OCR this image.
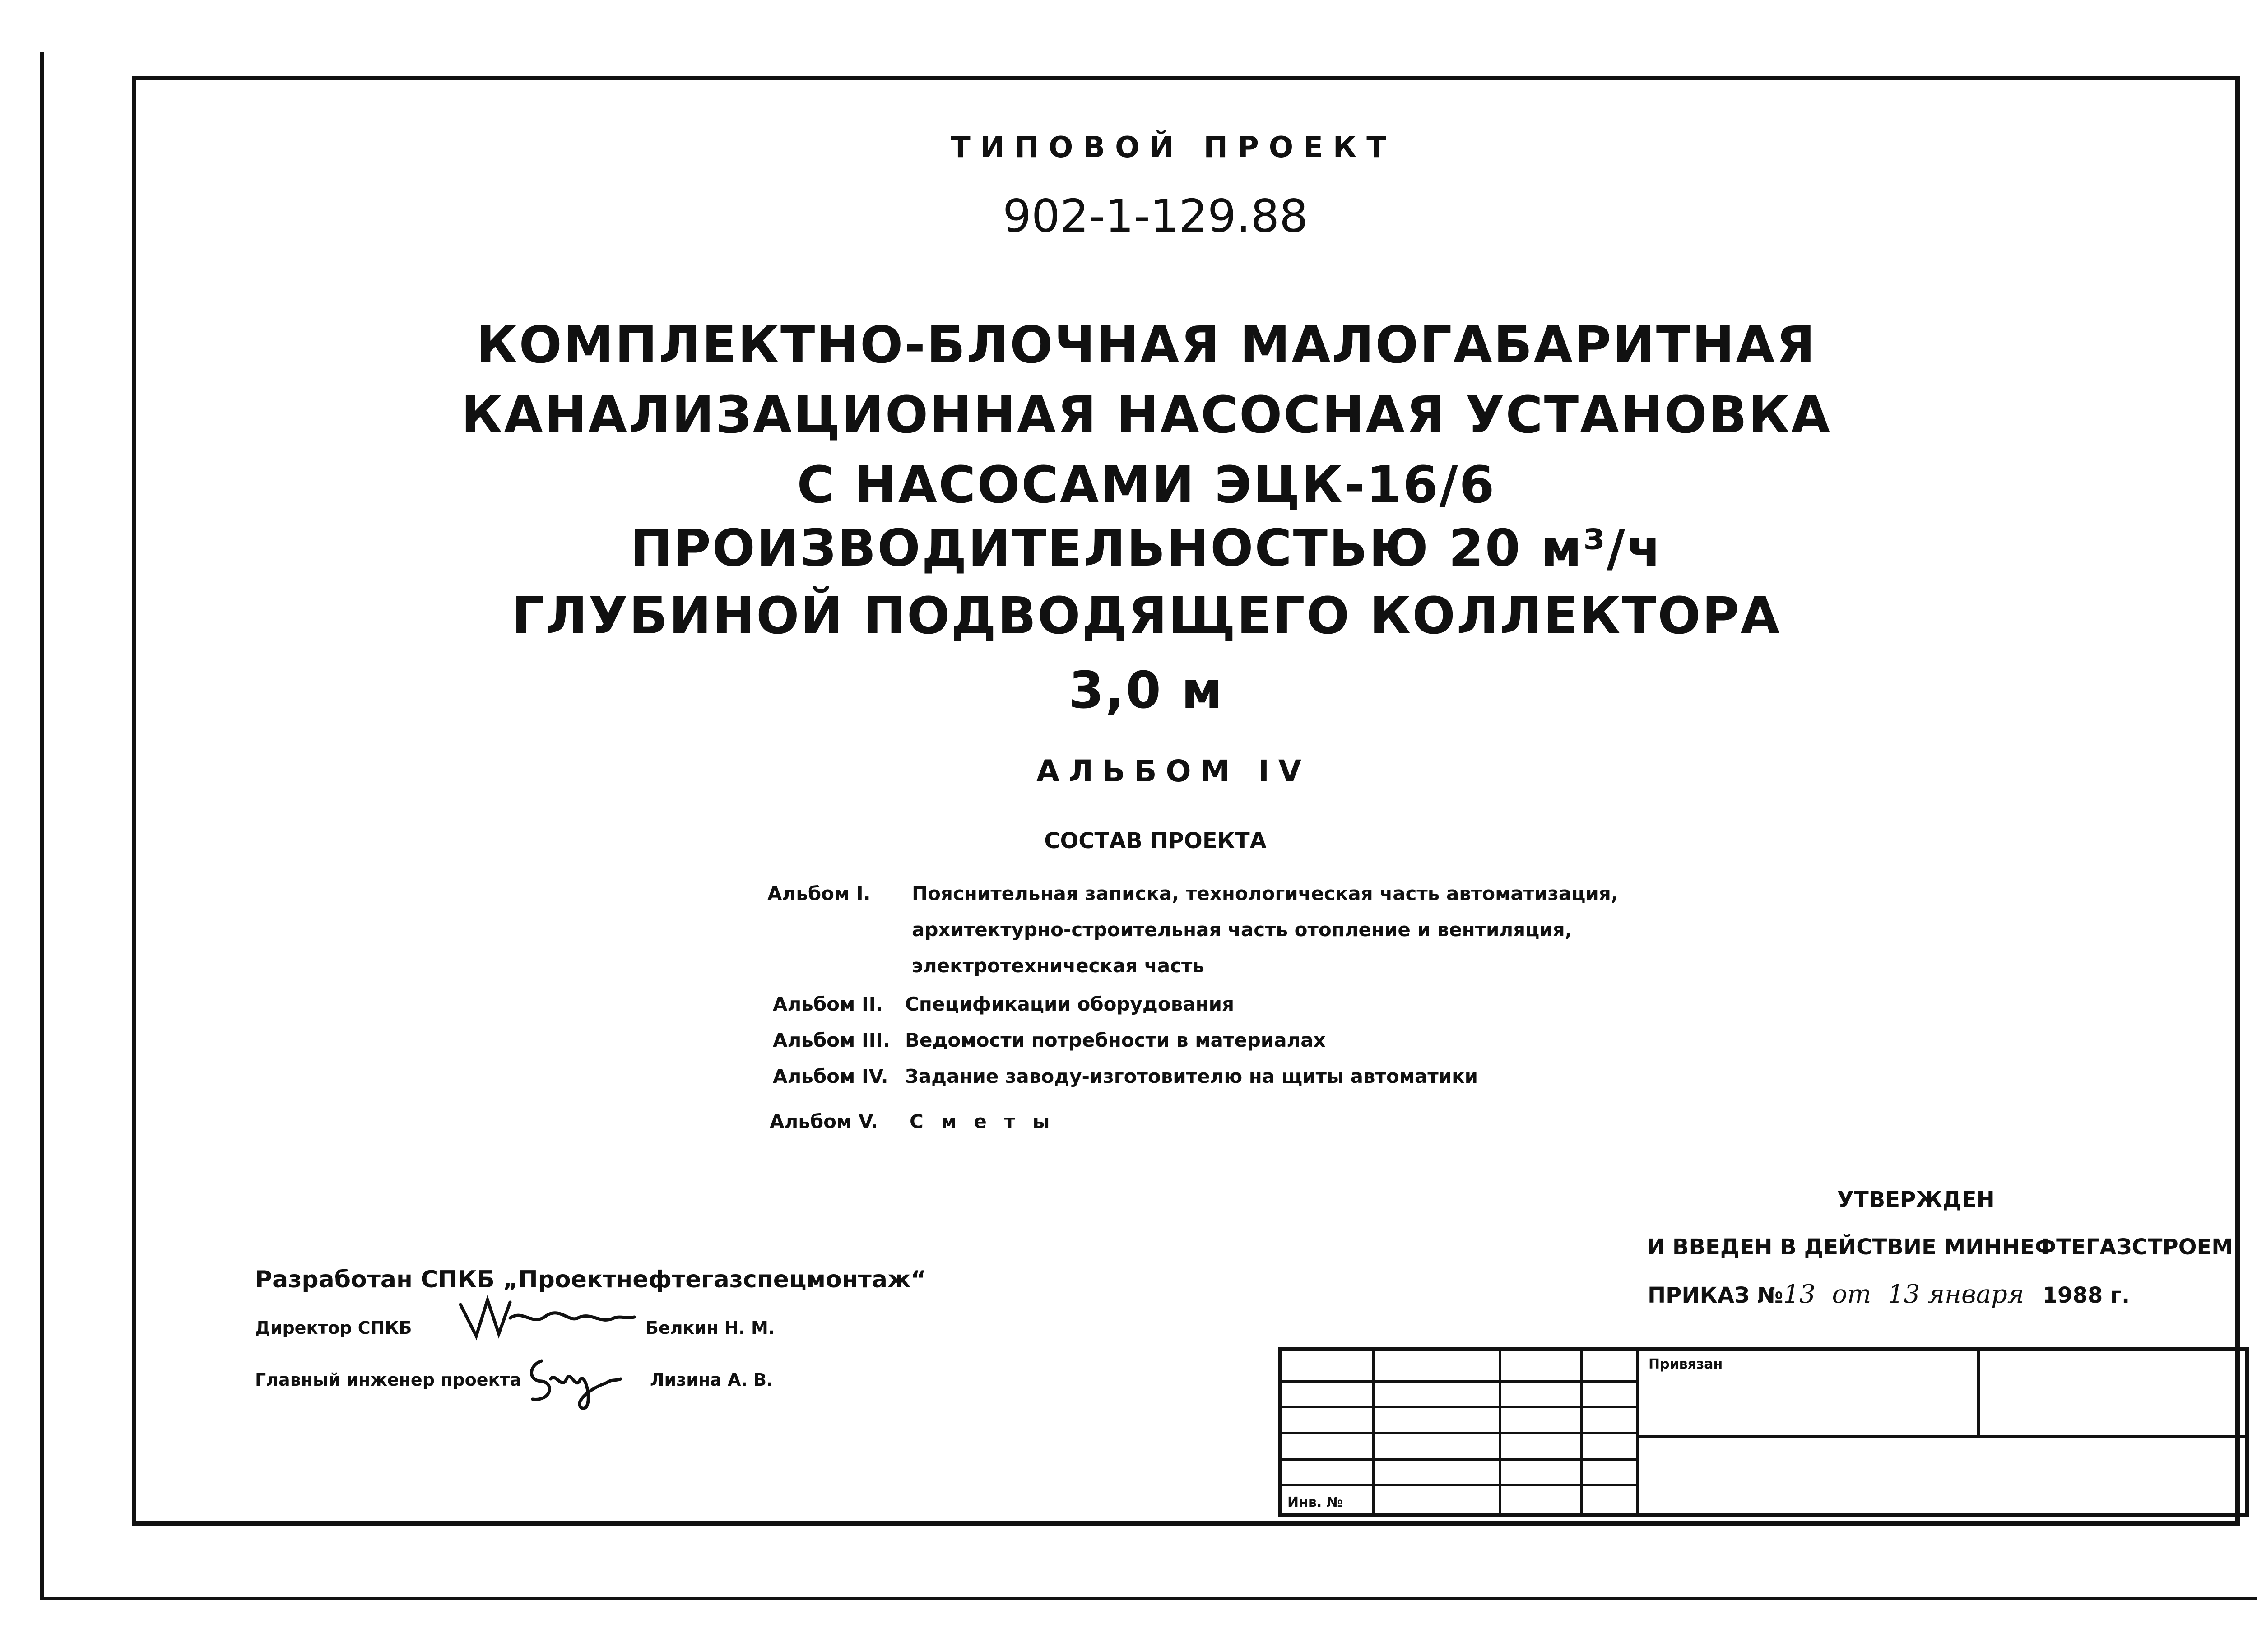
ТИПОВОЙ ПРОЕКТ
902-1-129.88
КОМПЛЕКТНО-БЛОЧНАЯ МАЛОГАБАРИТНАЯ
КАНАЛИЗАЦИОННАЯ НАСОСНАЯ УСТАНОВКА
С НАСОСАМИ ЭЦК-16/6
ПРОИЗВОДИТЕЛЬНОСТЬЮ 20 м³/ч
ГЛУБИНОЙ ПОДВОДЯЩЕГО КОЛЛЕКТОРА
3,0 м
АЛЬБОМ IV
СОСТАВ ПРОЕКТА
Альбом I.	Пояснительная записка, технологическая часть автоматизация,
архитектурно-строительная часть отопление и вентиляция,
электротехническая часть
Альбом II.	Спецификации оборудования
Альбом III. Ведомости потребности в материалах
Альбом IV. Задание заводу-изготовителю на щиты автоматики
Альбом V.	С м е т ы
УТВЕРЖДЕН
И ВВЕДЕН В ДЕЙСТВИЕ МИННЕФТЕГАЗСТРОЕМ
ПРИКАЗ №13 от 13 января 1988 г.
Разработан СПКБ „Проектнефтегазспецмонтаж“
Директор СПКБ	Белкин Н. М.
Главный инженер проекта	Лизина А. В.
Привязан
Инв. №
